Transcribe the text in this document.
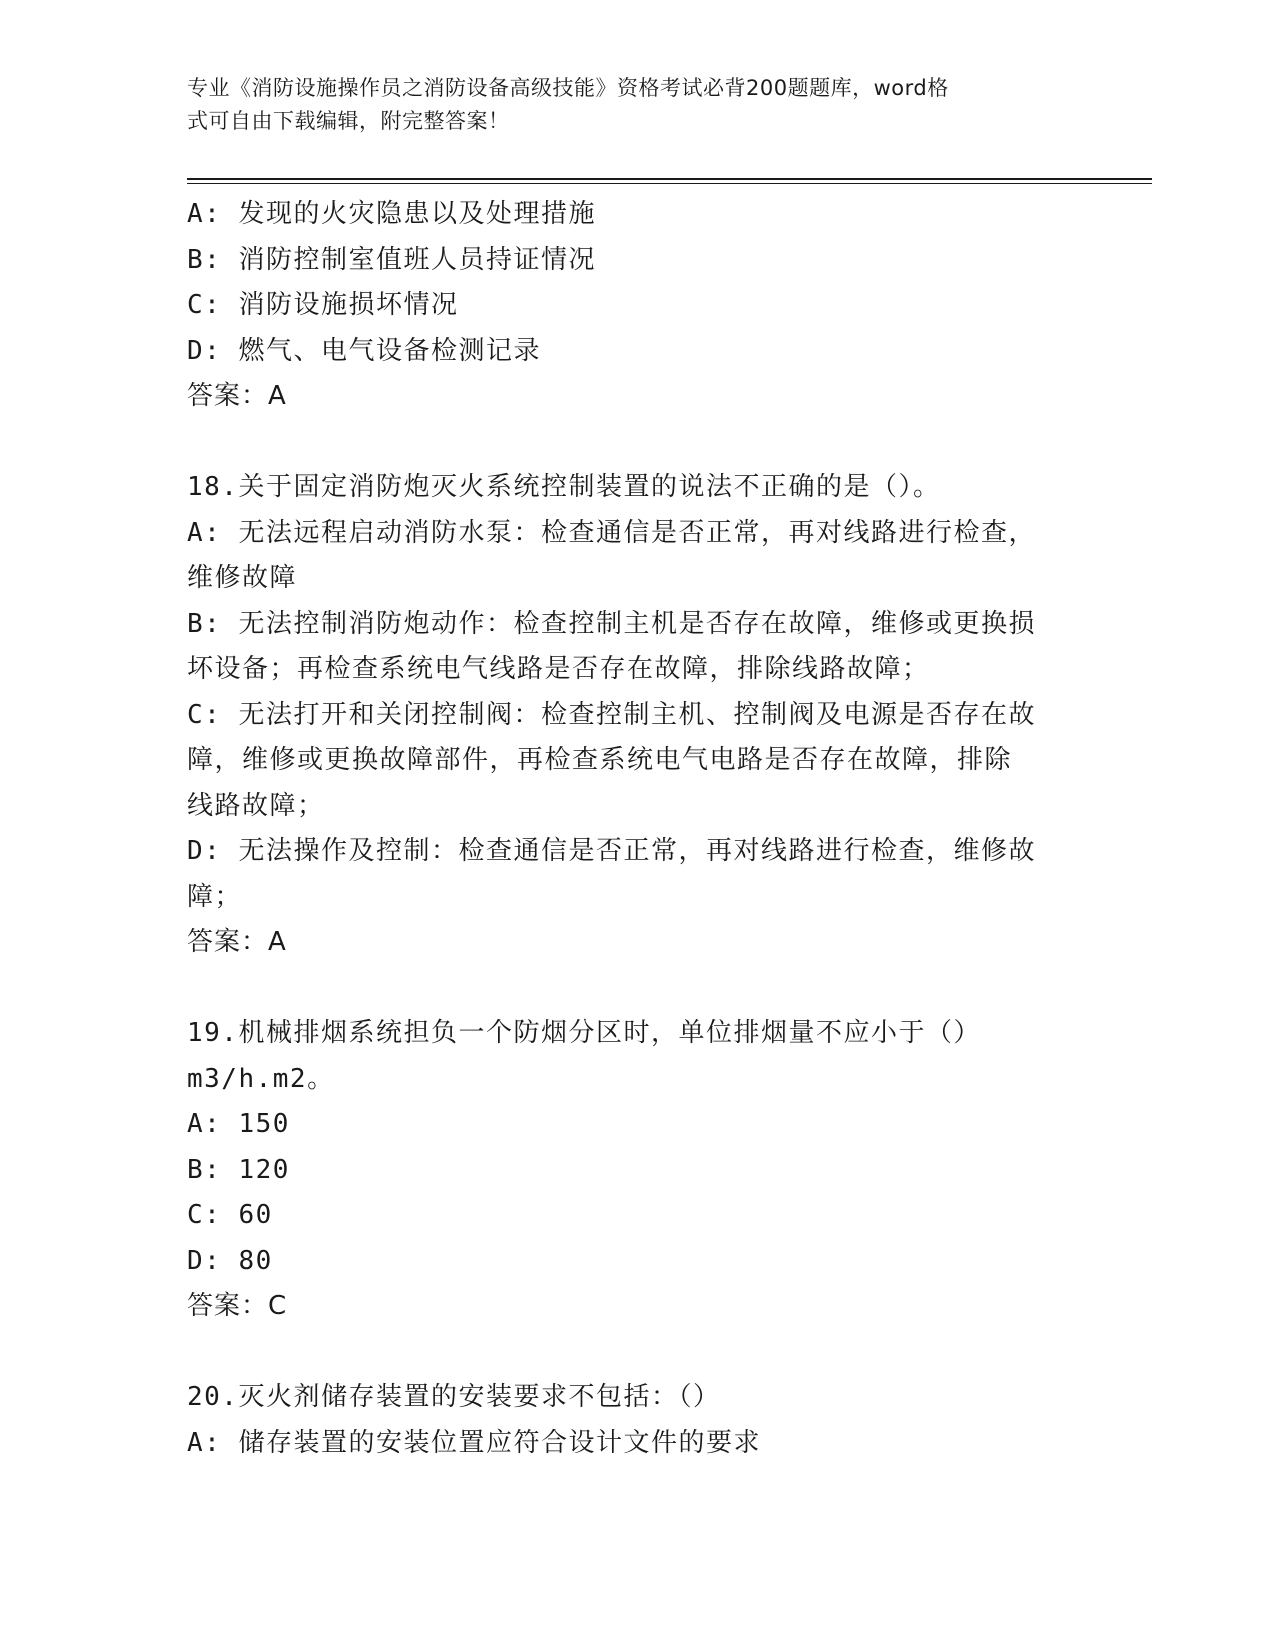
专业《消防设施操作员之消防设备高级技能》资格考试必背200题题库，word格
式可自由下载编辑，附完整答案！
A: 发现的火灾隐患以及处理措施
B: 消防控制室值班人员持证情况
C: 消防设施损坏情况
D: 燃气、电气设备检测记录
答案：A
18.关于固定消防炮灭火系统控制装置的说法不正确的是（）。
A: 无法远程启动消防水泵：检查通信是否正常，再对线路进行检查，
维修故障
B: 无法控制消防炮动作：检查控制主机是否存在故障，维修或更换损
坏设备；再检查系统电气线路是否存在故障，排除线路故障；
C: 无法打开和关闭控制阀：检查控制主机、控制阀及电源是否存在故
障，维修或更换故障部件，再检查系统电气电路是否存在故障，排除
线路故障；
D: 无法操作及控制：检查通信是否正常，再对线路进行检查，维修故
障；
答案：A
19.机械排烟系统担负一个防烟分区时，单位排烟量不应小于（）
m3/h.m2。
A: 150
B: 120
C: 60
D: 80
答案：C
20.灭火剂储存装置的安装要求不包括：（）
A: 储存装置的安装位置应符合设计文件的要求
